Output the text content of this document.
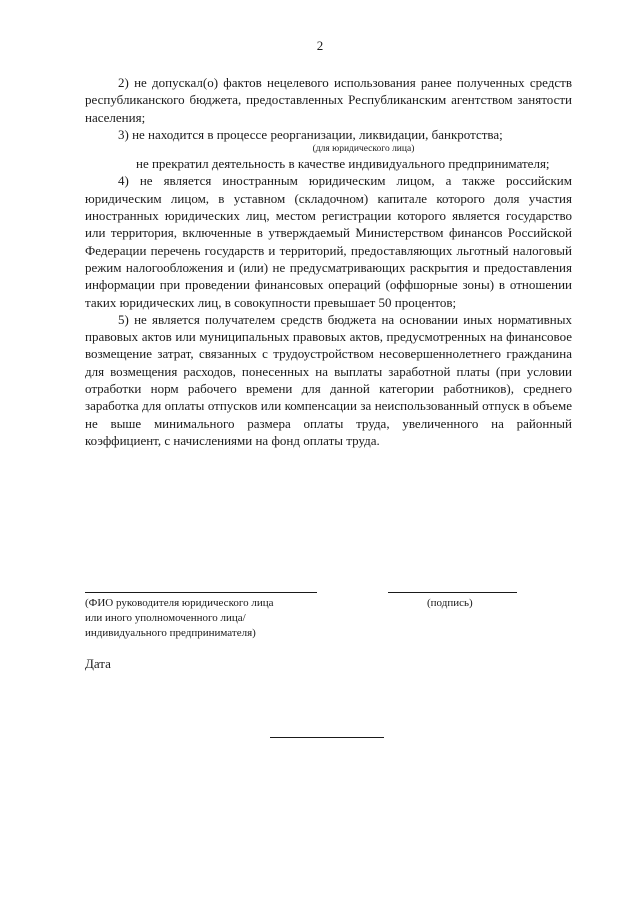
2

2) не допускал(о) фактов нецелевого использования ранее полученных средств республиканского бюджета, предоставленных Республиканским агентством занятости населения;

3) не находится в процессе реорганизации, ликвидации, банкротства;

(для юридического лица)

не прекратил деятельность в качестве индивидуального предпринимателя;

4) не является иностранным юридическим лицом, а также российским юридическим лицом, в уставном (складочном) капитале которого доля участия иностранных юридических лиц, местом регистрации которого является государство или территория, включенные в утверждаемый Министерством финансов Российской Федерации перечень государств и территорий, предоставляющих льготный налоговый режим налогообложения и (или) не предусматривающих раскрытия и предоставления информации при проведении финансовых операций (оффшорные зоны) в отношении таких юридических лиц, в совокупности превышает 50 процентов;

5) не является получателем средств бюджета на основании иных нормативных правовых актов или муниципальных правовых актов, предусмотренных на финансовое возмещение затрат, связанных с трудоустройством несовершеннолетнего гражданина для возмещения расходов, понесенных на выплаты заработной платы (при условии отработки норм рабочего времени для данной категории работников), среднего заработка для оплаты отпусков или компенсации за неиспользованный отпуск в объеме не выше минимального размера оплаты труда, увеличенного на районный коэффициент, с начислениями на фонд оплаты труда.

(ФИО руководителя юридического лица
или иного уполномоченного лица/
индивидуального предпринимателя)
(подпись)
Дата
